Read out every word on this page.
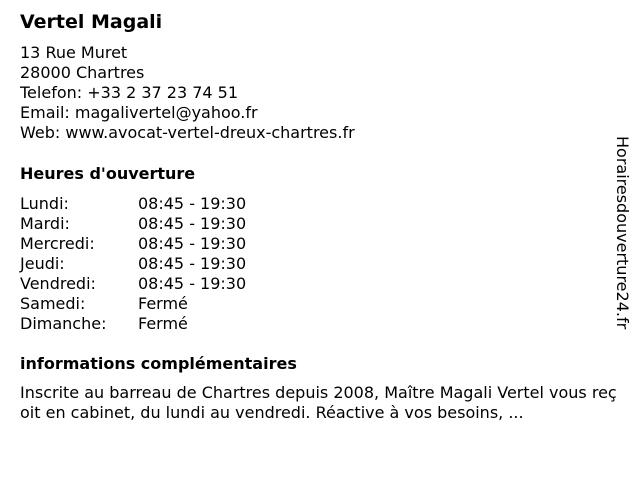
Vertel Magali
13 Rue Muret
28000 Chartres
Telefon: +33 2 37 23 74 51
Email: magalivertel@yahoo.fr
Web: www.avocat-vertel-dreux-chartres.fr
Heures d'ouverture
Lundi:	08:45 - 19:30
Mardi:	08:45 - 19:30
Mercredi:	08:45 - 19:30
Jeudi:	08:45 - 19:30
Vendredi:	08:45 - 19:30
Samedi:	Fermé
Dimanche:	Fermé
informations complémentaires
Inscrite au barreau de Chartres depuis 2008, Maître Magali Vertel vous reçoit en cabinet, du lundi au vendredi. Réactive à vos besoins, ...
Horairesdouverture24.fr
